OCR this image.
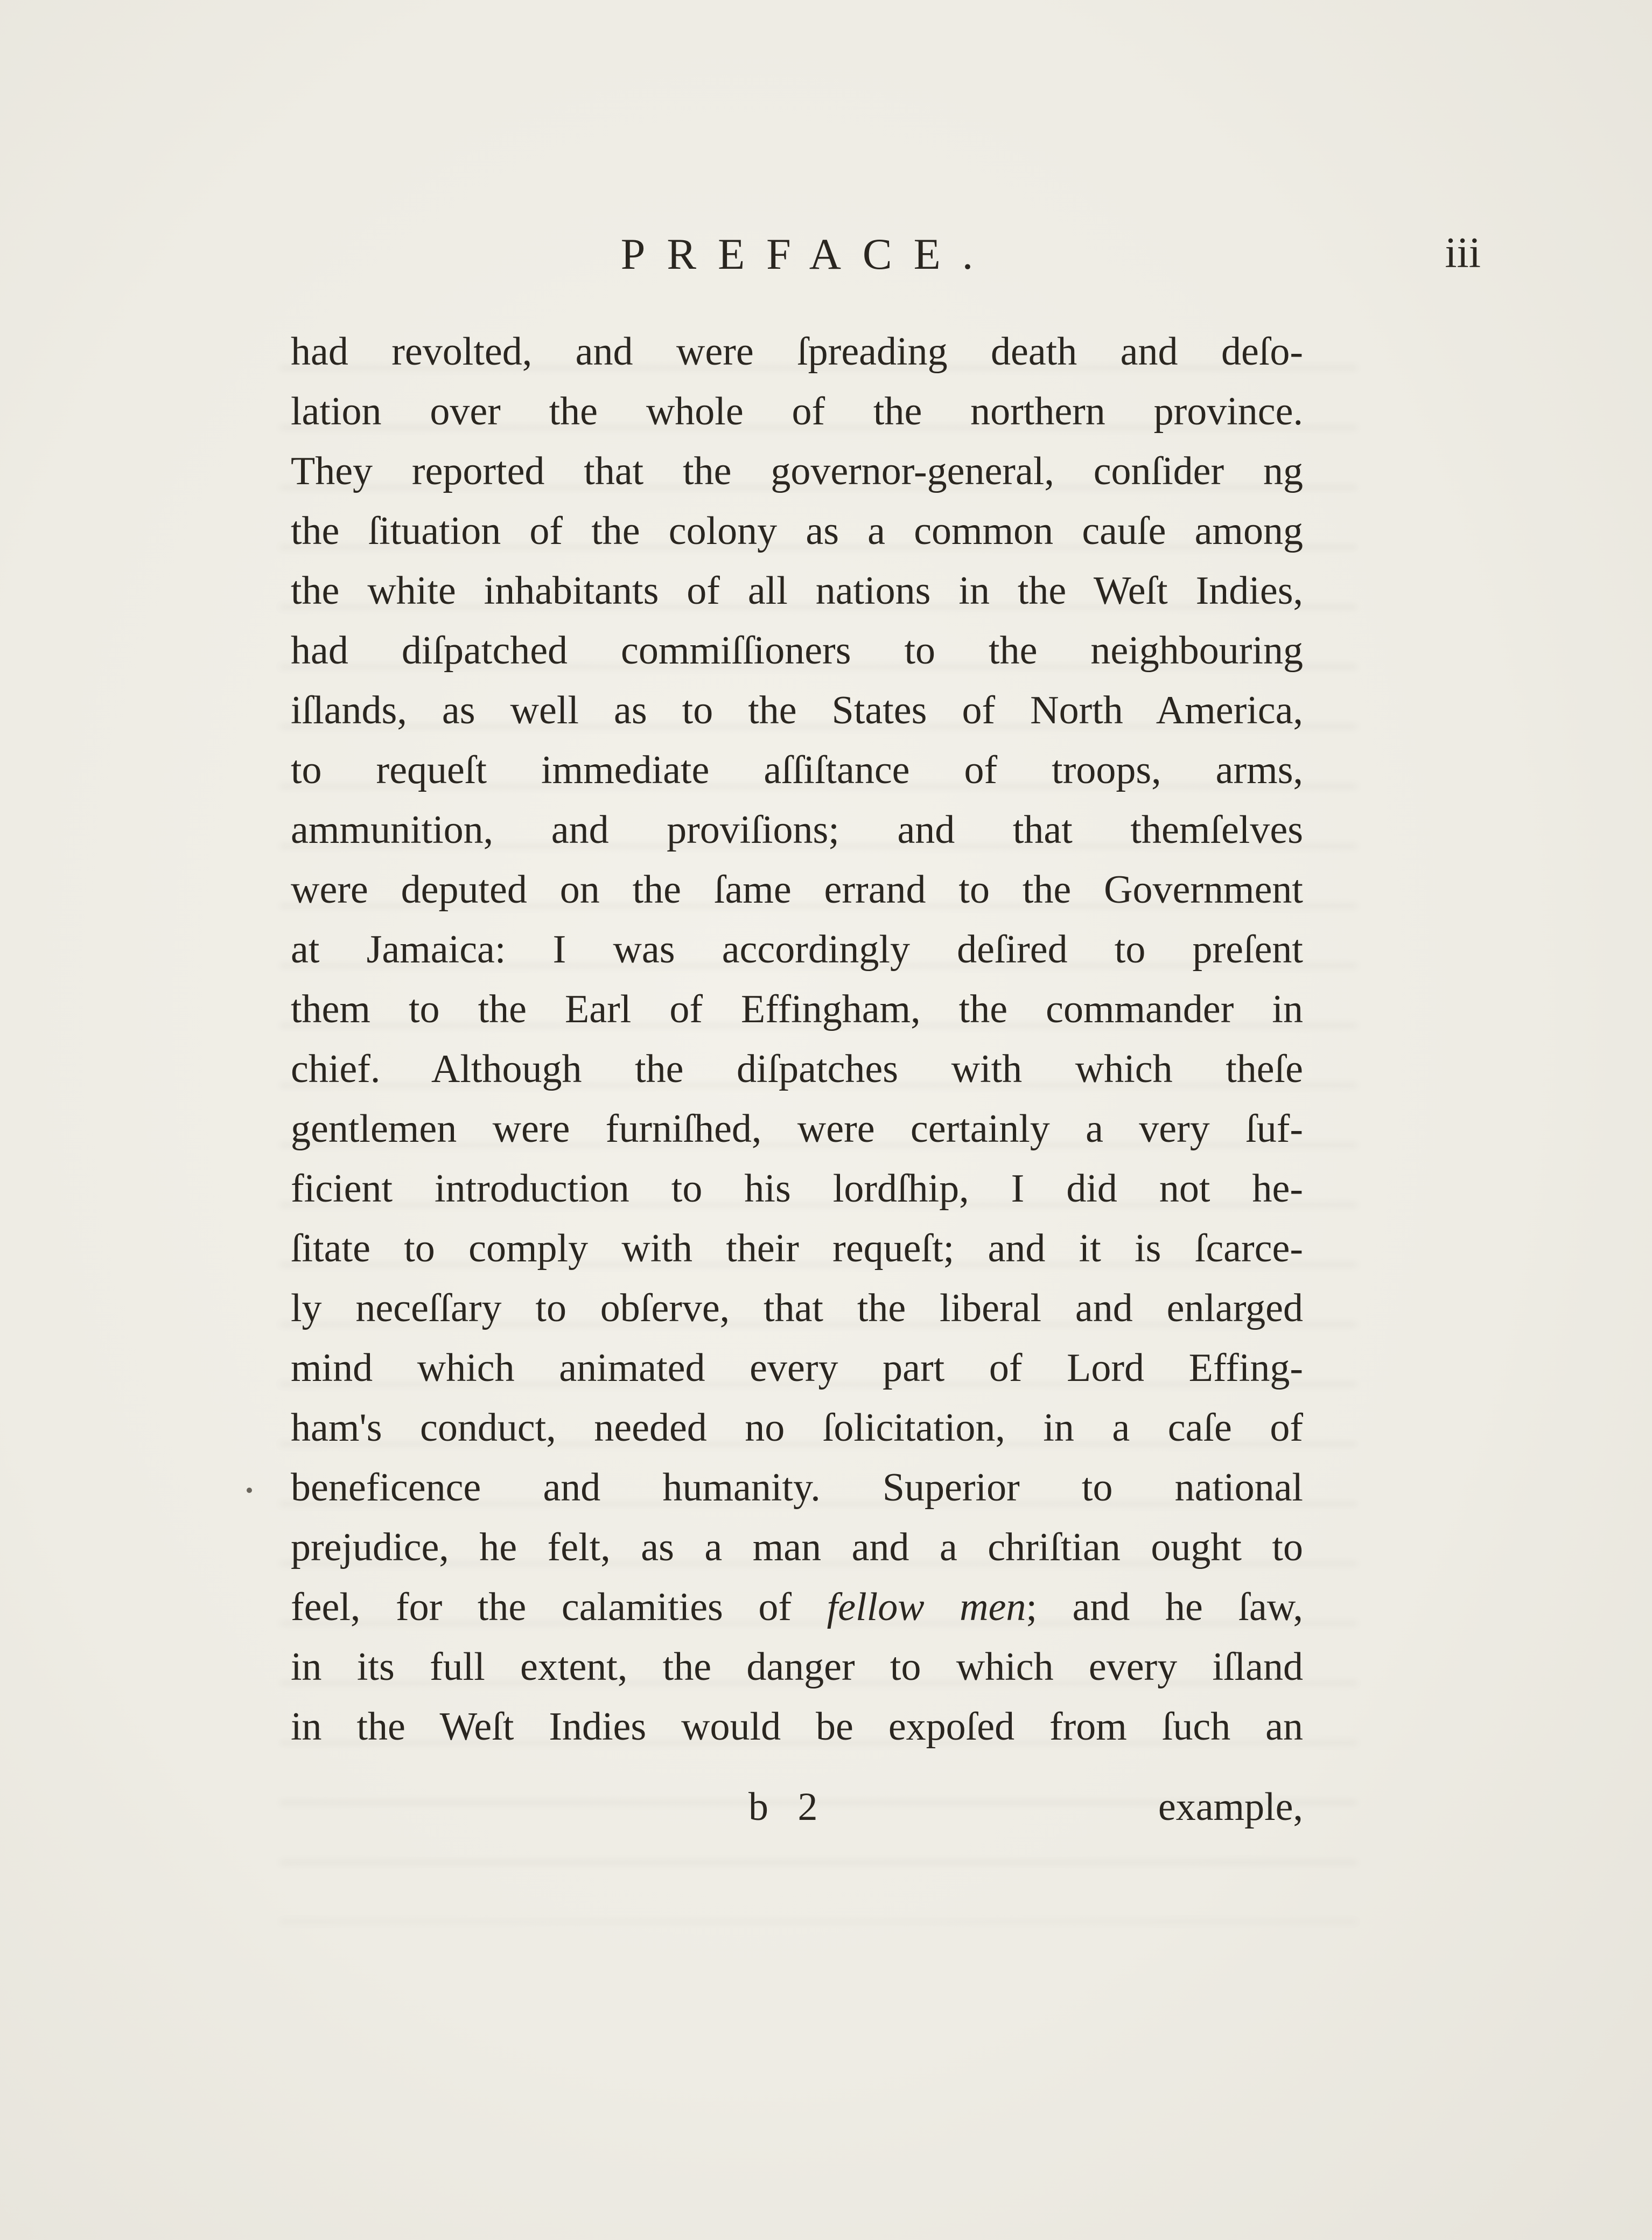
PREFACE.	iii
had revolted, and were ſpreading death and deſo-
lation over the whole of the northern province.
They reported that the governor-general, conſider ng
the ſituation of the colony as a common cauſe among
the white inhabitants of all nations in the Weſt Indies,
had diſpatched commiſſioners to the neighbouring
iſlands, as well as to the States of North America,
to requeſt immediate aſſiſtance of troops, arms,
ammunition, and proviſions; and that themſelves
were deputed on the ſame errand to the Government
at Jamaica: I was accordingly deſired to preſent
them to the Earl of Effingham, the commander in
chief. Although the diſpatches with which theſe
gentlemen were furniſhed, were certainly a very ſuf-
ficient introduction to his lordſhip, I did not he-
ſitate to comply with their requeſt; and it is ſcarce-
ly neceſſary to obſerve, that the liberal and enlarged
mind which animated every part of Lord Effing-
ham's conduct, needed no ſolicitation, in a caſe of
beneficence and humanity. Superior to national
prejudice, he felt, as a man and a chriſtian ought to
feel, for the calamities of fellow men; and he ſaw,
in its full extent, the danger to which every iſland
in the Weſt Indies would be expoſed from ſuch an
b 2	example,
